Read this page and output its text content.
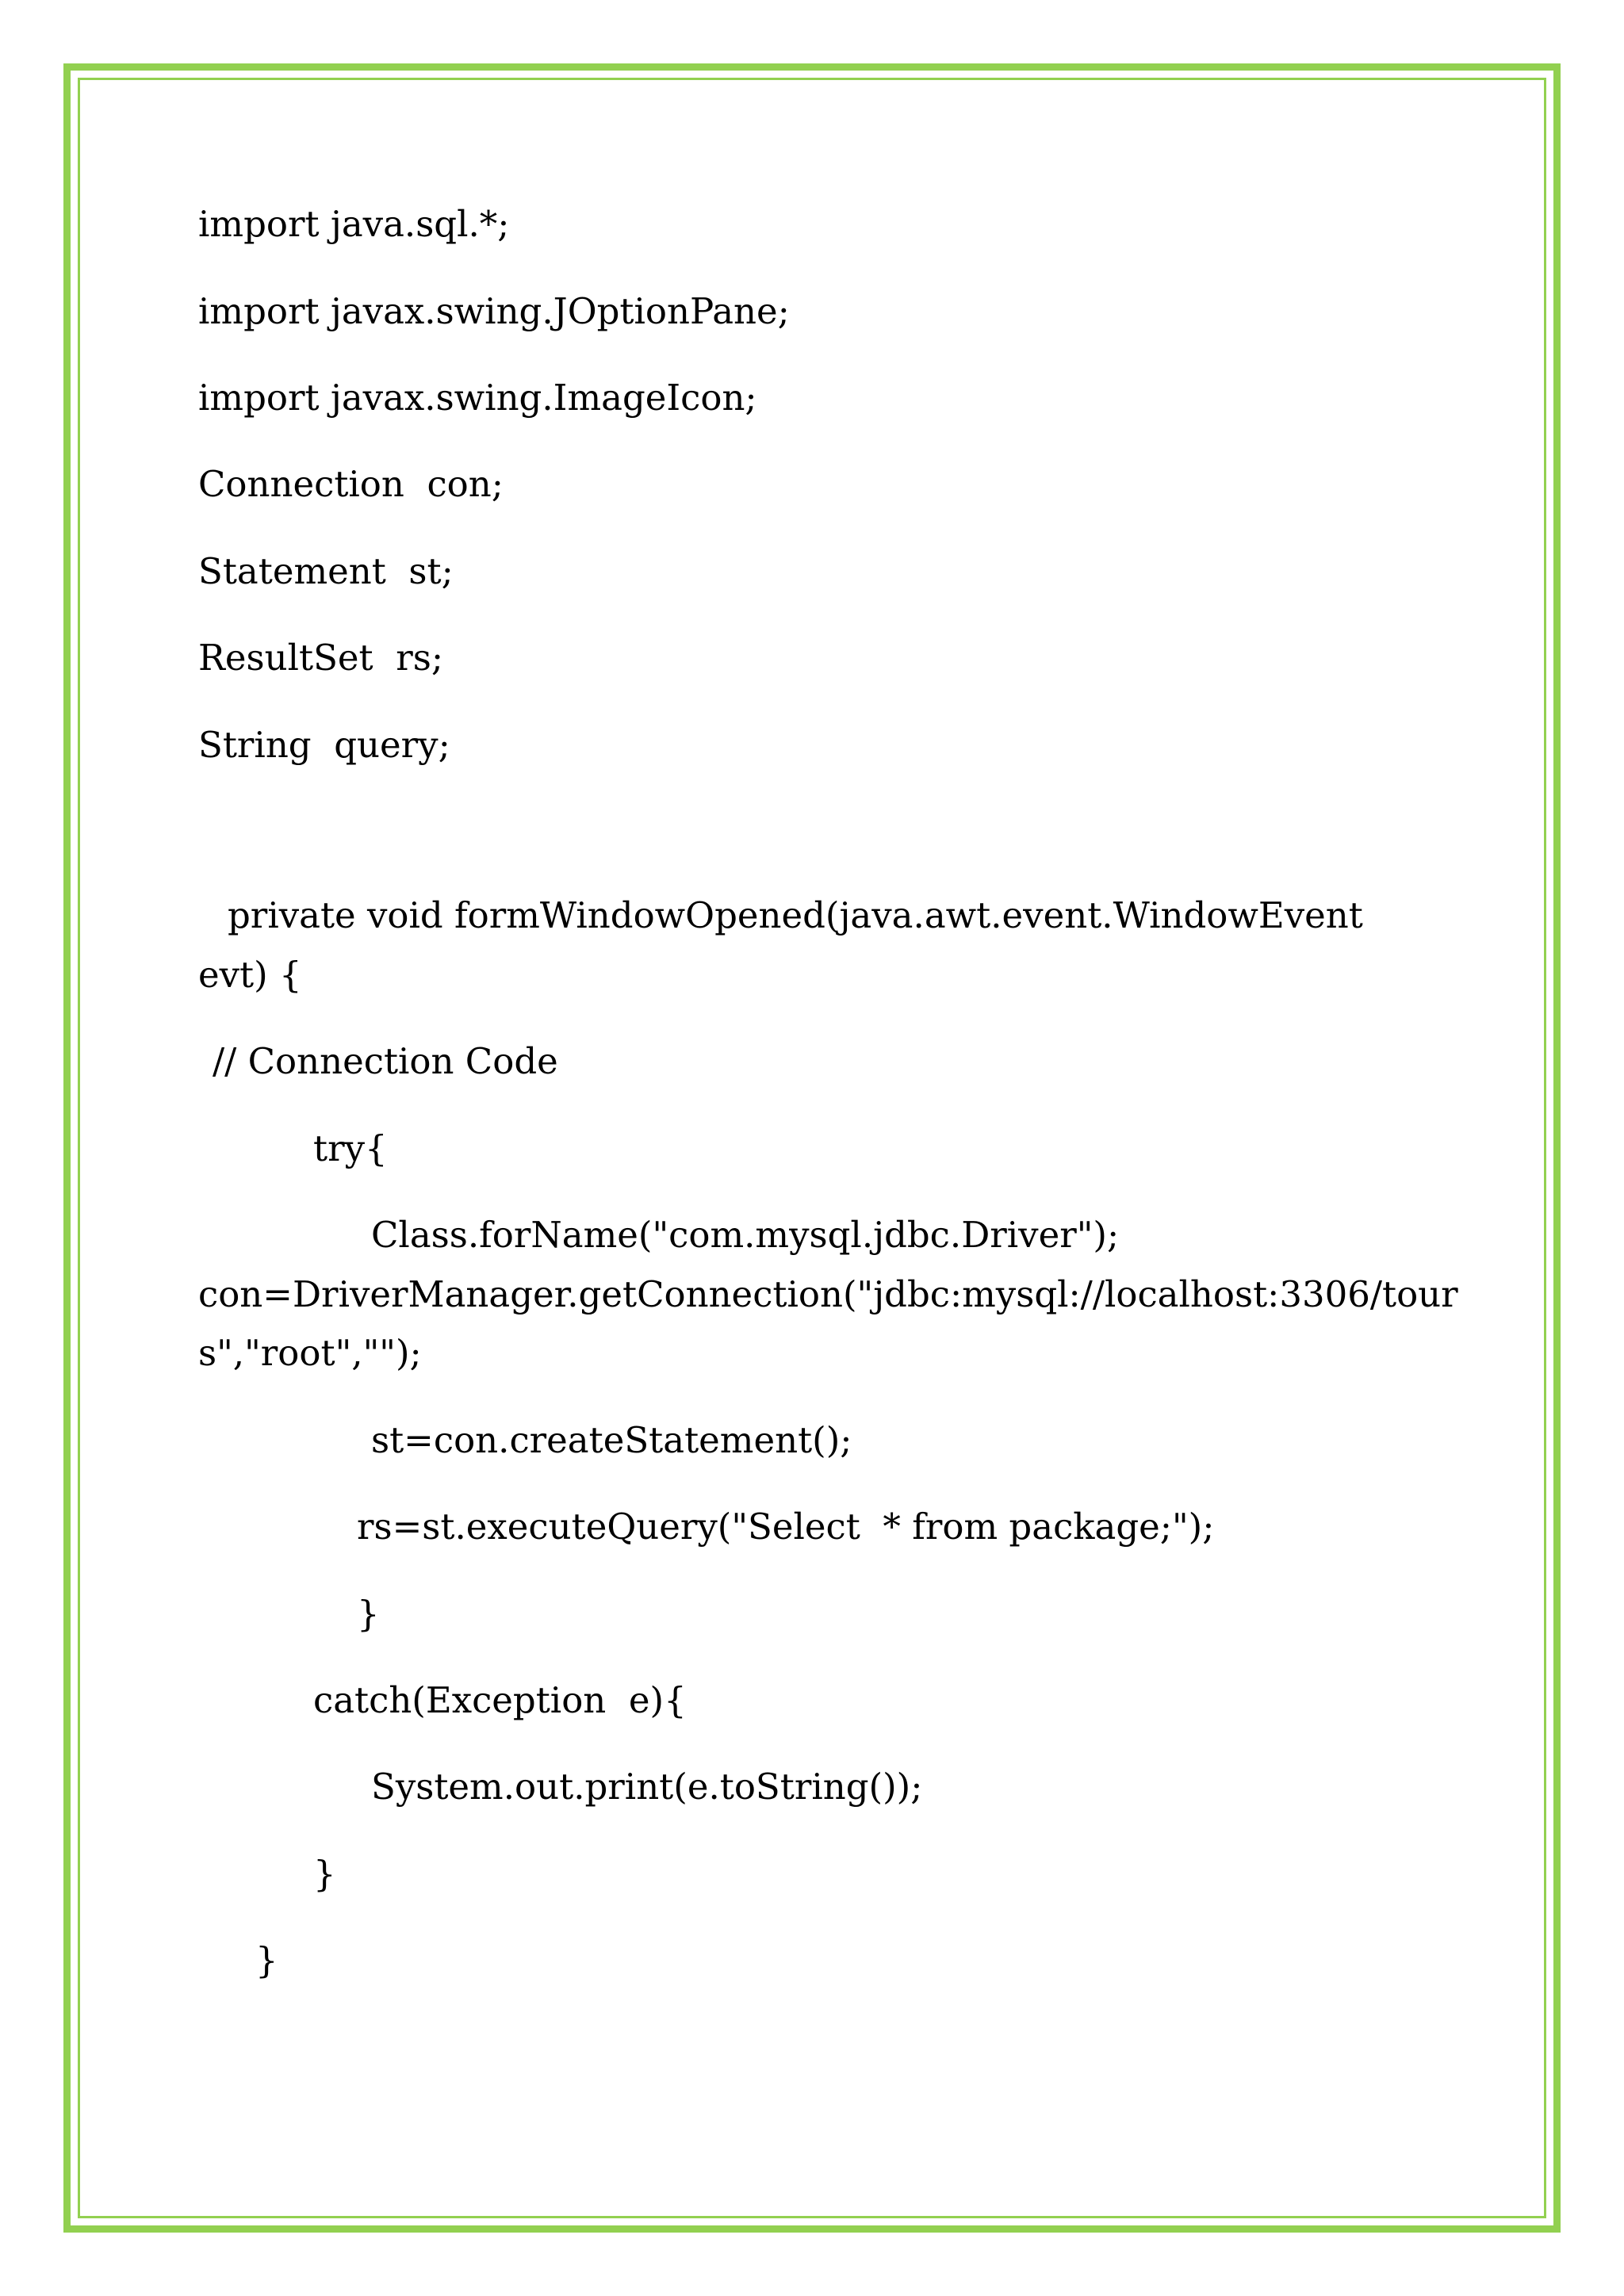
import java.sql.*;

import javax.swing.JOptionPane;

import javax.swing.ImageIcon;

Connection  con;

Statement  st;

ResultSet  rs;

String  query;

private void formWindowOpened(java.awt.event.WindowEvent

evt) {

// Connection Code

try{

Class.forName("com.mysql.jdbc.Driver");

con=DriverManager.getConnection("jdbc:mysql://localhost:3306/tour

s","root","");

st=con.createStatement();

rs=st.executeQuery("Select  * from package;");

}

catch(Exception  e){

System.out.print(e.toString());

}

}
